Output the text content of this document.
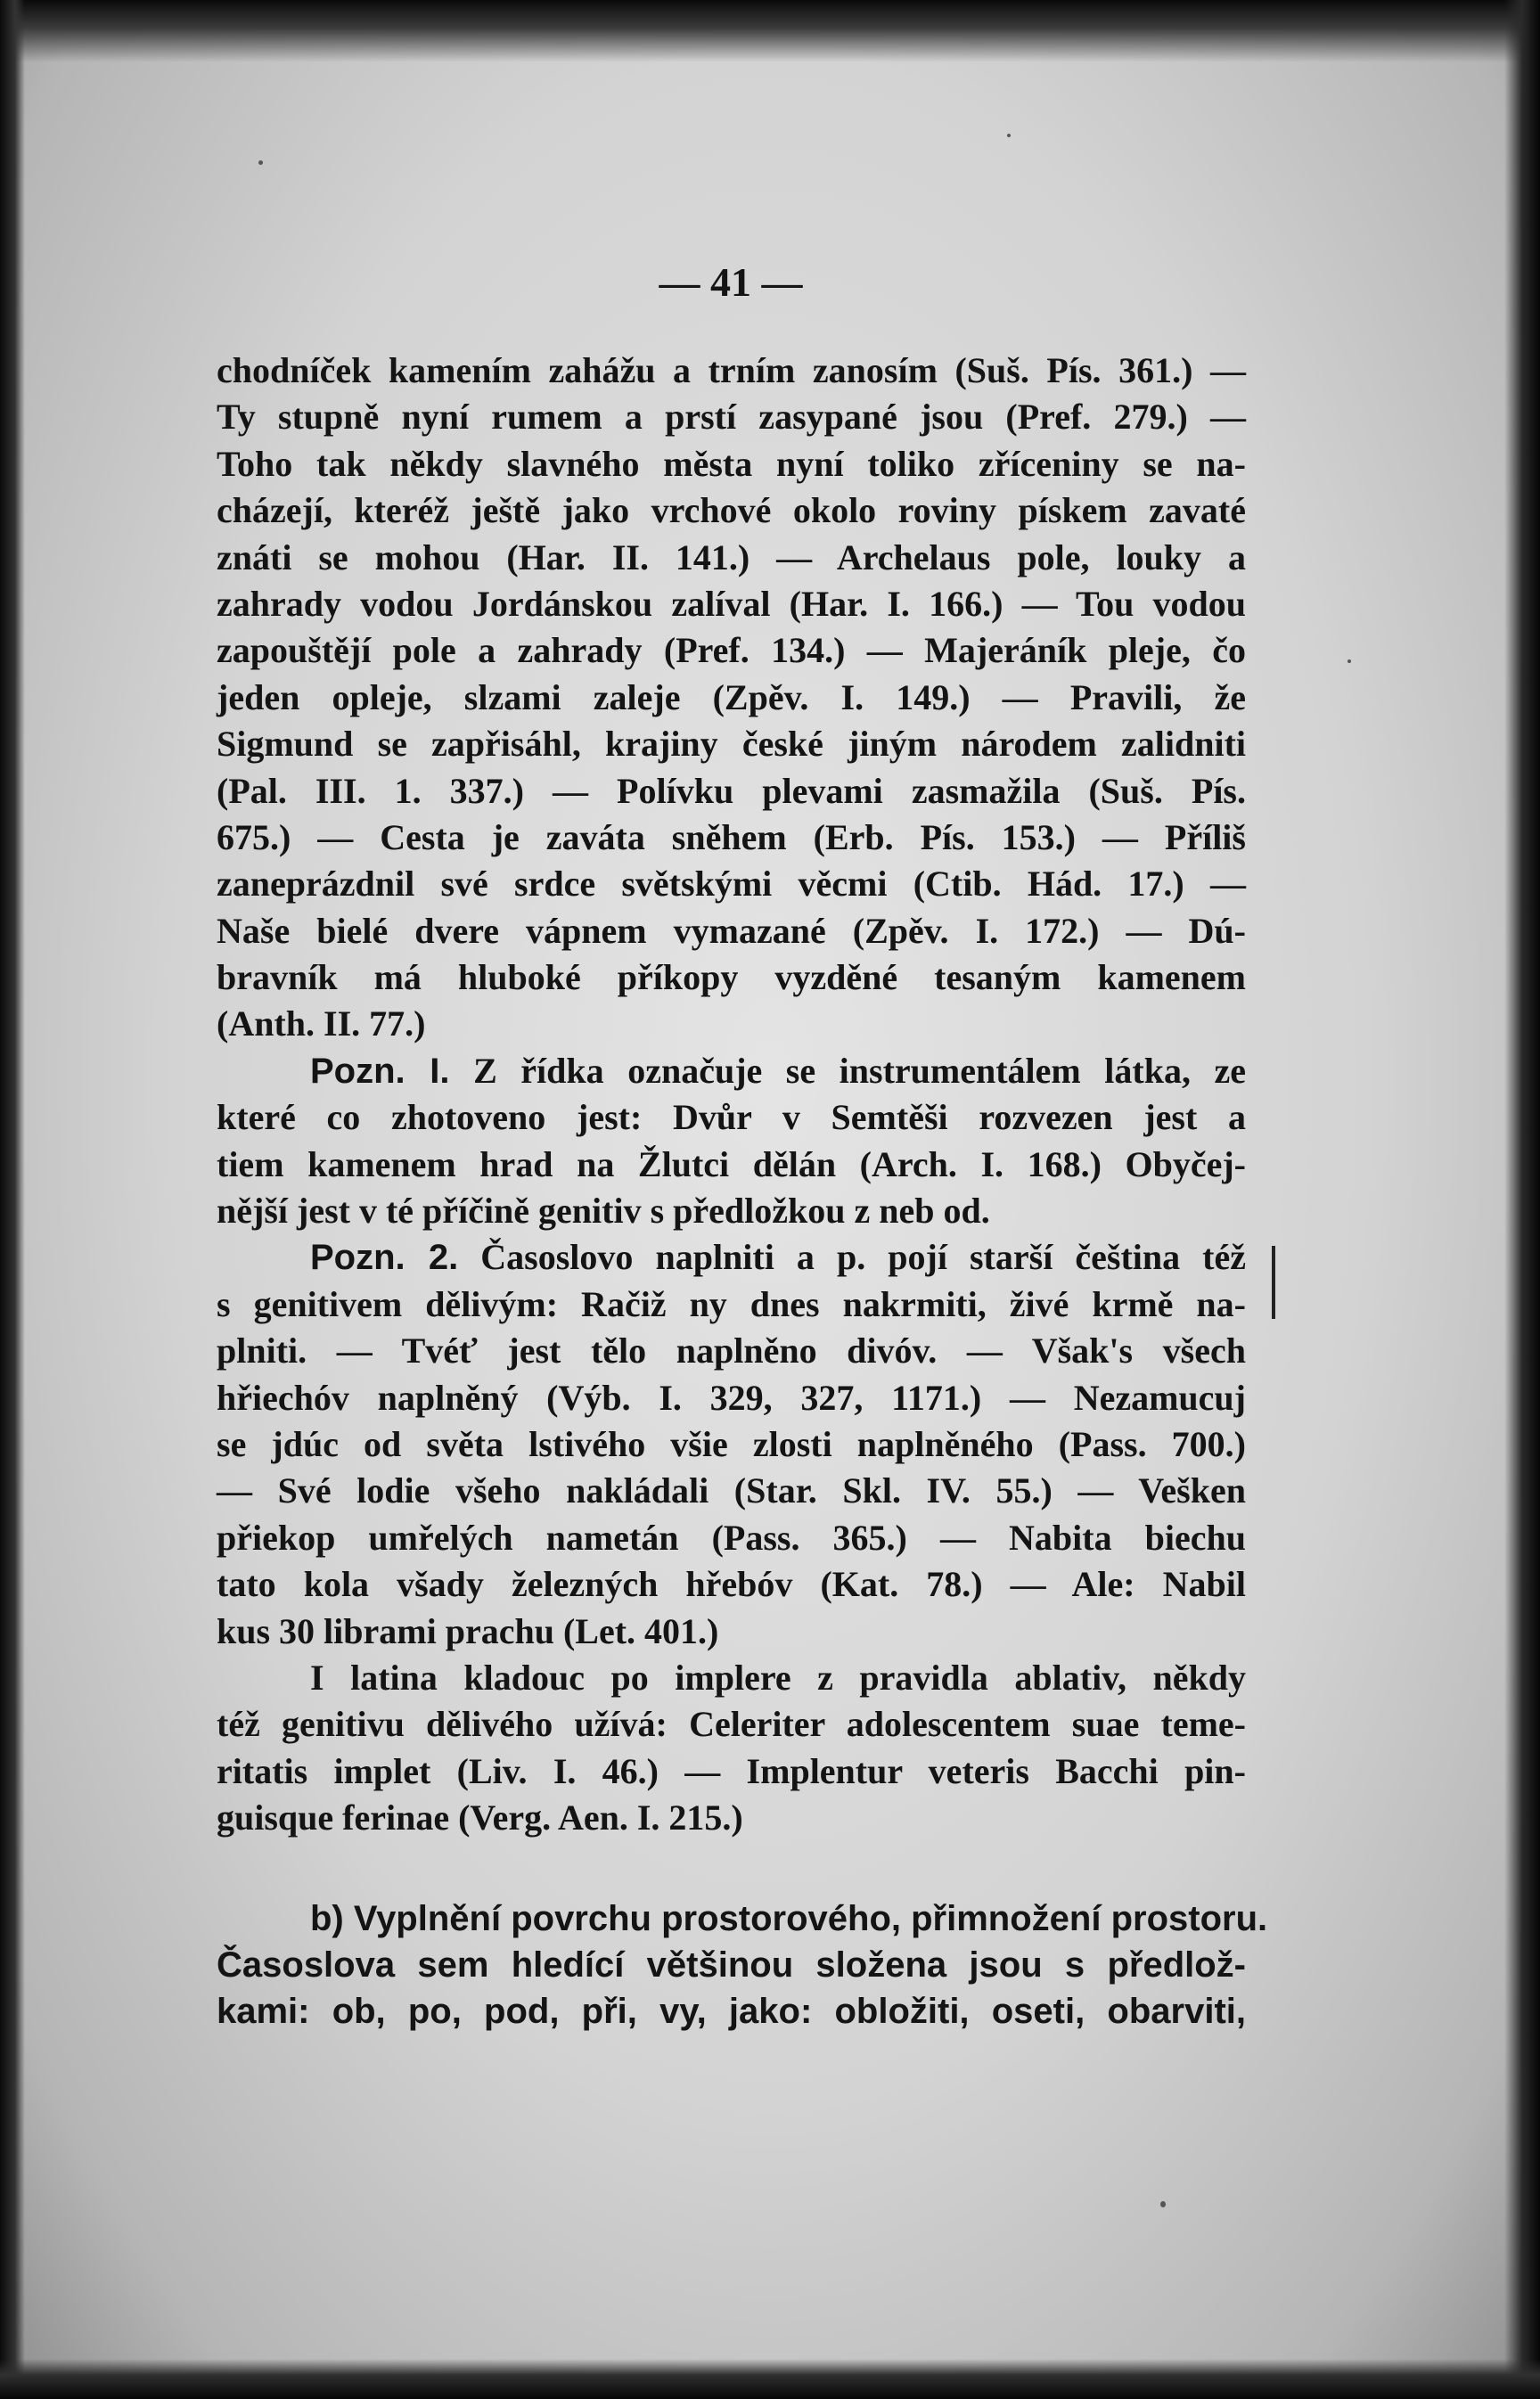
— 41 —
chodníček kamením zahážu a trním zanosím (Suš. Pís. 361.) —
Ty stupně nyní rumem a prstí zasypané jsou (Pref. 279.) —
Toho tak někdy slavného města nyní toliko zříceniny se na-
cházejí, kteréž ještě jako vrchové okolo roviny pískem zavaté
znáti se mohou (Har. II. 141.) — Archelaus pole, louky a
zahrady vodou Jordánskou zalíval (Har. I. 166.) — Tou vodou
zapouštějí pole a zahrady (Pref. 134.) — Majeráník pleje, čo
jeden opleje, slzami zaleje (Zpěv. I. 149.) — Pravili, že
Sigmund se zapřisáhl, krajiny české jiným národem zalidniti
(Pal. III. 1. 337.) — Polívku plevami zasmažila (Suš. Pís.
675.) — Cesta je zaváta sněhem (Erb. Pís. 153.) — Příliš
zaneprázdnil své srdce světskými věcmi (Ctib. Hád. 17.) —
Naše bielé dvere vápnem vymazané (Zpěv. I. 172.) — Dú-
bravník má hluboké příkopy vyzděné tesaným kamenem
(Anth. II. 77.)
Pozn. I. Z řídka označuje se instrumentálem látka, ze
které co zhotoveno jest: Dvůr v Semtěši rozvezen jest a
tiem kamenem hrad na Žlutci dělán (Arch. I. 168.) Obyčej-
nější jest v té příčině genitiv s předložkou z neb od.
Pozn. 2. Časoslovo naplniti a p. pojí starší čeština též
s genitivem dělivým: Račiž ny dnes nakrmiti, živé krmě na-
plniti. — Tvéť jest tělo naplněno divóv. — Však's všech
hřiechóv naplněný (Výb. I. 329, 327, 1171.) — Nezamucuj
se jdúc od světa lstivého všie zlosti naplněného (Pass. 700.)
— Své lodie všeho nakládali (Star. Skl. IV. 55.) — Vešken
přiekop umřelých nametán (Pass. 365.) — Nabita biechu
tato kola všady železných hřebóv (Kat. 78.) — Ale: Nabil
kus 30 librami prachu (Let. 401.)
I latina kladouc po implere z pravidla ablativ, někdy
též genitivu dělivého užívá: Celeriter adolescentem suae teme-
ritatis implet (Liv. I. 46.) — Implentur veteris Bacchi pin-
guisque ferinae (Verg. Aen. I. 215.)
b) Vyplnění povrchu prostorového, přimnožení prostoru.
Časoslova sem hledící většinou složena jsou s předlož-
kami: ob, po, pod, při, vy, jako: obložiti, oseti, obarviti,
